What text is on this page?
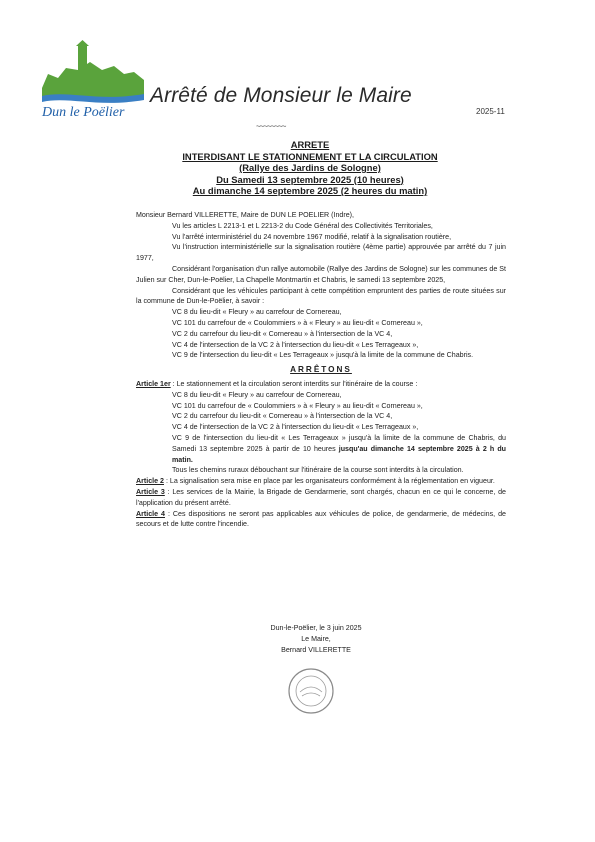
Dun le Poëlier
Arrêté de Monsieur le Maire
2025-11
~~~~~~~~
ARRETE
INTERDISANT LE STATIONNEMENT ET LA CIRCULATION
(Rallye des Jardins de Sologne)
Du Samedi 13 septembre 2025 (10 heures)
Au dimanche 14 septembre 2025 (2 heures du matin)

Monsieur Bernard VILLERETTE, Maire de DUN LE POELIER (Indre),

Vu les articles L 2213-1 et L 2213-2 du Code Général des Collectivités Territoriales,

Vu l'arrêté interministériel du 24 novembre 1967 modifié, relatif à la signalisation routière,

Vu l'instruction interministérielle sur la signalisation routière (4ème partie) approuvée par arrêté du 7 juin 1977,

Considérant l'organisation d'un rallye automobile (Rallye des Jardins de Sologne) sur les communes de St Julien sur Cher, Dun-le-Poëlier, La Chapelle Montmartin et Chabris, le samedi 13 septembre 2025,

Considérant que les véhicules participant à cette compétition empruntent des parties de route situées sur la commune de Dun-le-Poëlier, à savoir :

VC 8 du lieu-dit « Fleury » au carrefour de Cornereau,

VC 101 du carrefour de « Coulommiers » à « Fleury » au lieu-dit « Cornereau »,

VC 2 du carrefour du lieu-dit « Cornereau » à l'intersection de la VC 4,

VC 4 de l'intersection de la VC 2 à l'intersection du lieu-dit « Les Terrageaux »,

VC 9 de l'intersection du lieu-dit « Les Terrageaux » jusqu'à la limite de la commune de Chabris.

ARRÊTONS

Article 1er : Le stationnement et la circulation seront interdits sur l'itinéraire de la course :

VC 8 du lieu-dit « Fleury » au carrefour de Cornereau,

VC 101 du carrefour de « Coulommiers » à « Fleury » au lieu-dit « Cornereau »,

VC 2 du carrefour du lieu-dit « Cornereau » à l'intersection de la VC 4,

VC 4 de l'intersection de la VC 2 à l'intersection du lieu-dit « Les Terrageaux »,

VC 9 de l'intersection du lieu-dit « Les Terrageaux » jusqu'à la limite de la commune de Chabris, du Samedi 13 septembre 2025 à partir de 10 heures jusqu'au dimanche 14 septembre 2025 à 2 h du matin.

Tous les chemins ruraux débouchant sur l'itinéraire de la course sont interdits à la circulation.

Article 2 : La signalisation sera mise en place par les organisateurs conformément à la réglementation en vigueur.

Article 3 : Les services de la Mairie, la Brigade de Gendarmerie, sont chargés, chacun en ce qui le concerne, de l'application du présent arrêté.

Article 4 : Ces dispositions ne seront pas applicables aux véhicules de police, de gendarmerie, de médecins, de secours et de lutte contre l'incendie.

Dun-le-Poëlier, le 3 juin 2025
Le Maire,
Bernard VILLERETTE
